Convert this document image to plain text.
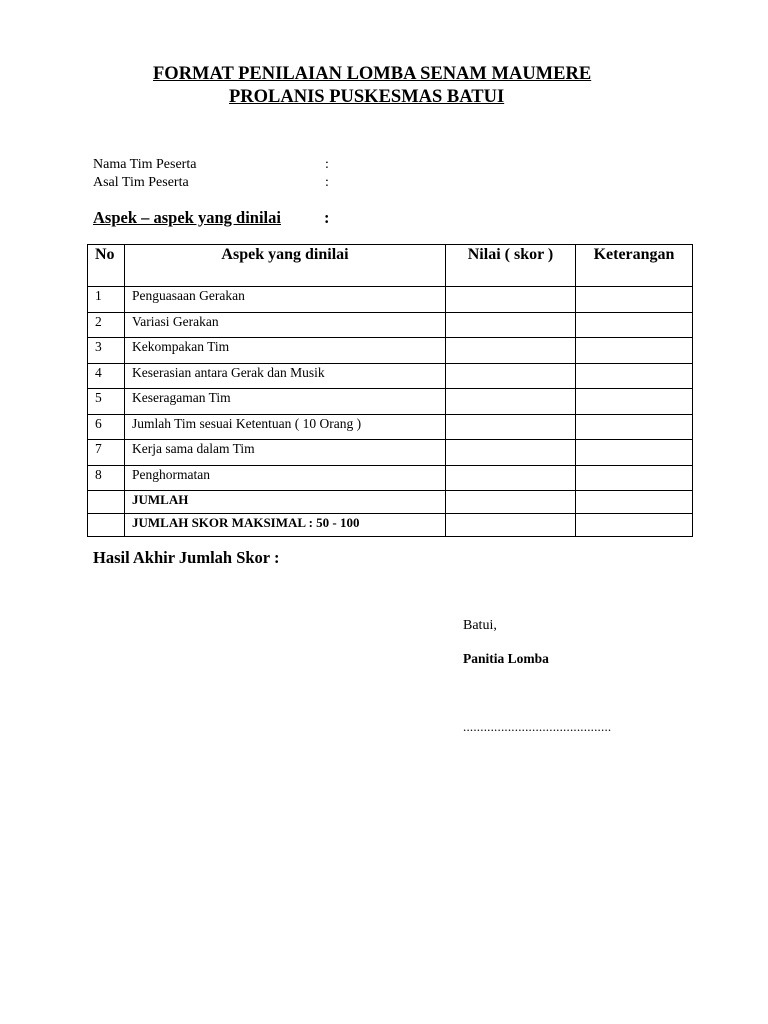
FORMAT PENILAIAN LOMBA SENAM MAUMERE
PROLANIS PUSKESMAS BATUI
Nama Tim Peserta	:
Asal Tim Peserta	:
Aspek – aspek yang dinilai	:
No	Aspek yang dinilai	Nilai ( skor )	Keterangan
1	Penguasaan Gerakan		
2	Variasi Gerakan		
3	Kekompakan Tim		
4	Keserasian antara Gerak dan Musik		
5	Keseragaman Tim		
6	Jumlah Tim sesuai Ketentuan ( 10 Orang )		
7	Kerja sama dalam Tim		
8	Penghormatan		
	JUMLAH		
	JUMLAH SKOR MAKSIMAL : 50 - 100		
Hasil Akhir Jumlah Skor :
Batui,
Panitia Lomba
...........................................
